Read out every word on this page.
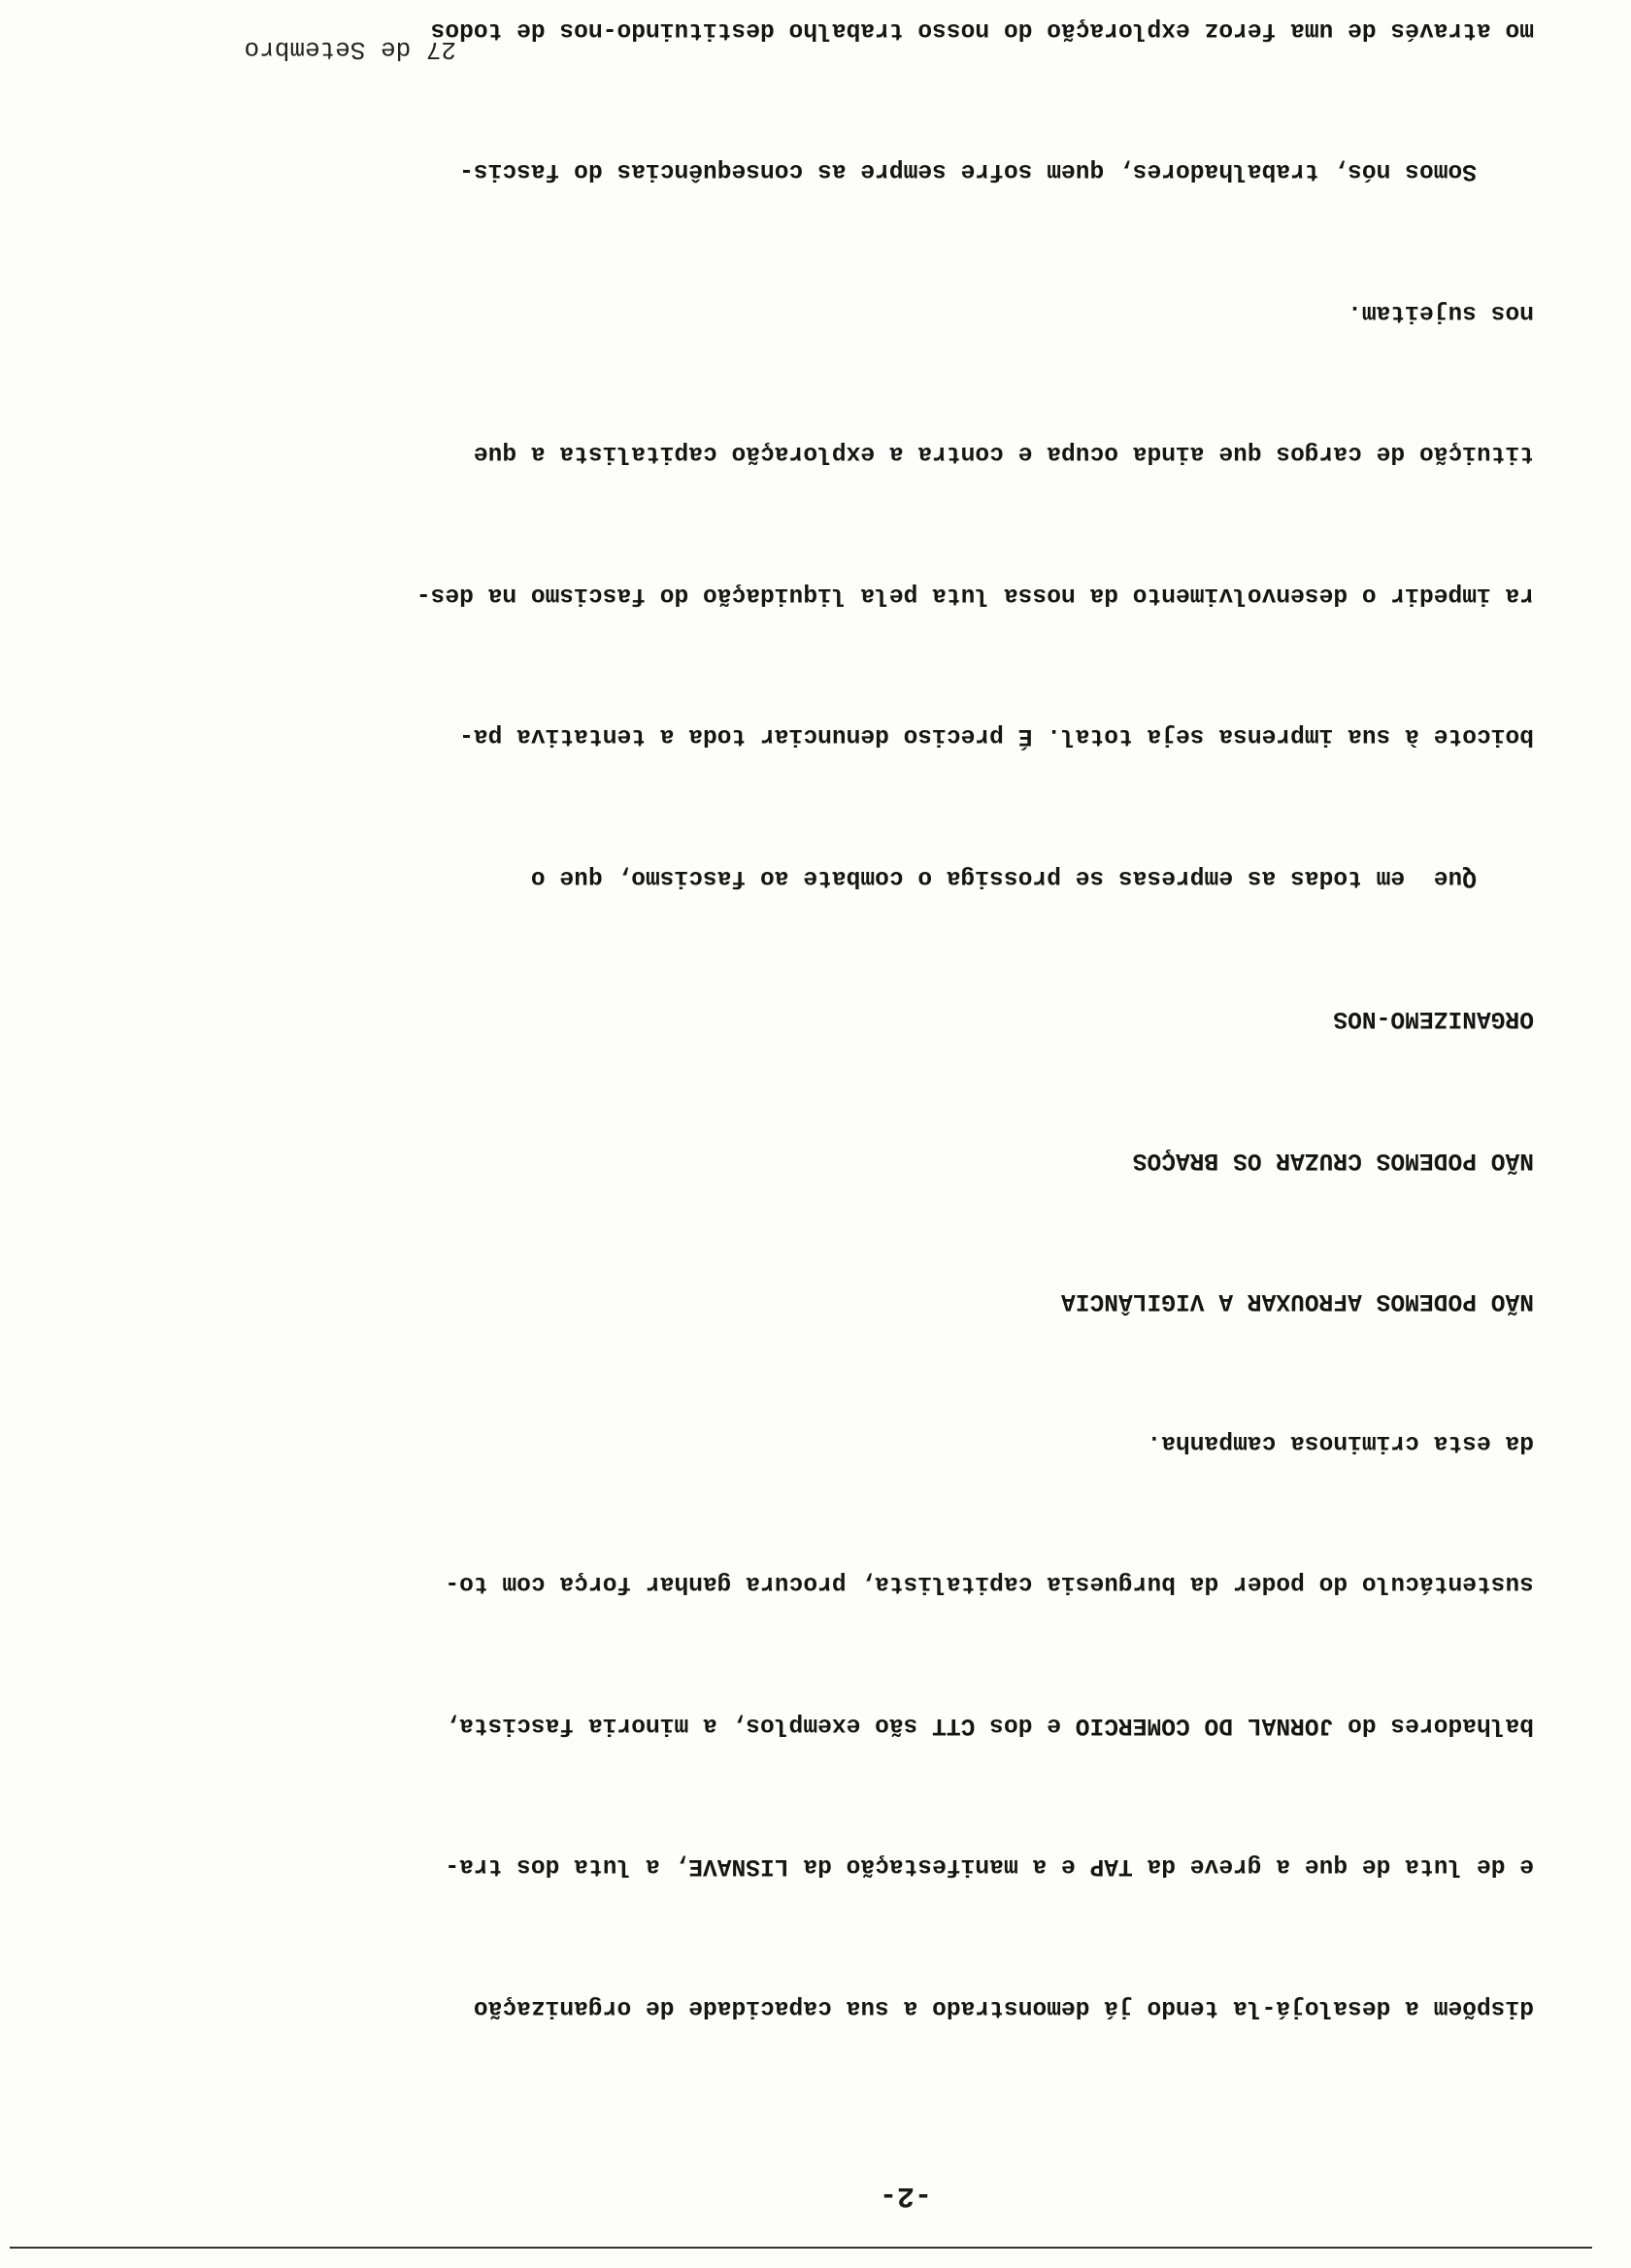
-2-

dispõem a desalojá-la tendo já demonstrado a sua capacidade de organização

e de luta de que a greve da TAP e a manifestação da LISNAVE, a luta dos tra-

balhadores do JORNAL DO COMERCIO e dos CTT são exemplos, a minoria fascista,

sustentáculo do poder da burguesia capitalista, procura ganhar força com to-

da esta criminosa campanha.

NÃO PODEMOS AFROUXAR A VIGILÂNCIA

NÃO PODEMOS CRUZAR OS BRAÇOS

ORGANIZEMO-NOS

Que  em todas as empresas se prossiga o combate ao fascismo, que o

boicote à sua imprensa seja total. É preciso denunciar toda a tentativa pa-

ra impedir o desenvolvimento da nossa luta pela liquidação do fascismo na des-

tituição de cargos que ainda ocupa e contra a exploração capitalista a que

nos sujeitam.

Somos nós, trabalhadores, quem sofre sempre as consequências do fascis-

mo através de uma feroz exploração do nosso trabalho destituindo-nos de todos

27 de Setembro
